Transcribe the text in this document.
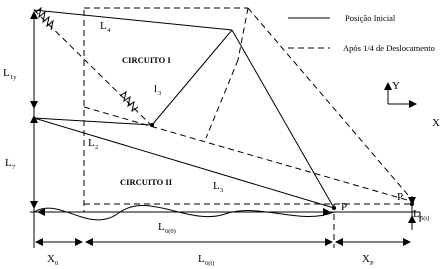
Posição Inicial
Após 1/4 de Deslocamento
Y
X
L 4
L 1y
l 3
L 2
L 7
L 3
L 6(0)
X 0	L 6(t)	X P
L 5(t)
P
P
CIRCUITO I
CIRCUITO II
